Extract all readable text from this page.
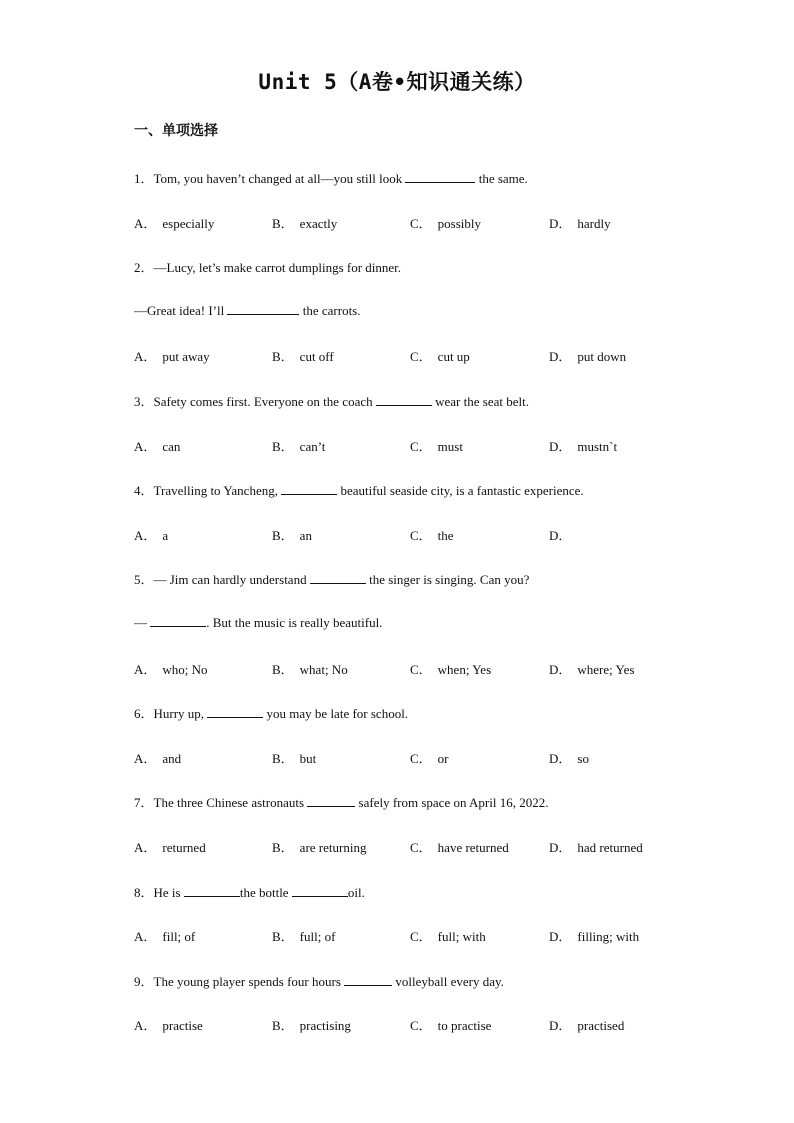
Unit 5（A卷•知识通关练）
一、单项选择
1．Tom, you haven’t changed at all—you still look	the same.
A． especially	B． exactly	C． possibly	D． hardly
2．—Lucy, let’s make carrot dumplings for dinner.
—Great idea! I’ll	the carrots.
A． put away	B． cut off	C． cut up	D． put down
3．Safety comes first. Everyone on the coach	wear the seat belt.
A． can	B． can’t	C． must	D． mustn`t
4．Travelling to Yancheng,	beautiful seaside city, is a fantastic experience.
A． a	B． an	C． the	D．
5．— Jim can hardly understand	the singer is singing. Can you?
—	. But the music is really beautiful.
A． who; No	B． what; No	C． when; Yes	D． where; Yes
6．Hurry up,	you may be late for school.
A． and	B． but	C． or	D． so
7．The three Chinese astronauts	safely from space on April 16, 2022.
A． returned	B． are returning	C． have returned	D． had returned
8．He is	the bottle	oil.
A． fill; of	B． full; of	C． full; with	D． filling; with
9．The young player spends four hours	volleyball every day.
A． practise	B． practising	C． to practise	D． practised
